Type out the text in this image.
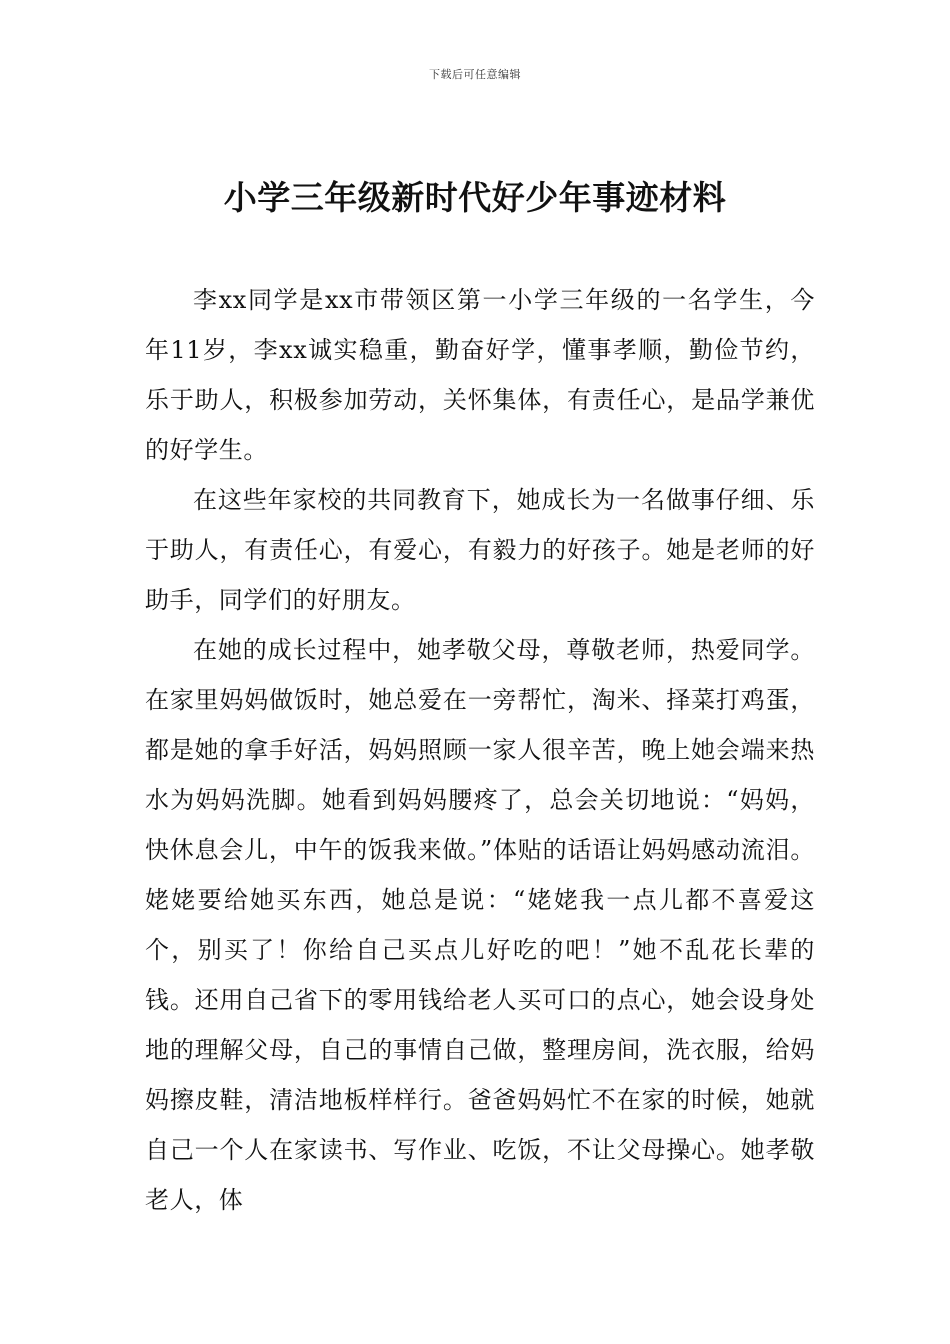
下载后可任意编辑
小学三年级新时代好少年事迹材料

李xx同学是xx市带领区第一小学三年级的一名学生，今年11岁，李xx诚实稳重，勤奋好学，懂事孝顺，勤俭节约，乐于助人，积极参加劳动，关怀集体，有责任心，是品学兼优的好学生。

在这些年家校的共同教育下，她成长为一名做事仔细、乐于助人，有责任心，有爱心，有毅力的好孩子。她是老师的好助手，同学们的好朋友。

在她的成长过程中，她孝敬父母，尊敬老师，热爱同学。在家里妈妈做饭时，她总爱在一旁帮忙，淘米、择菜打鸡蛋，都是她的拿手好活，妈妈照顾一家人很辛苦，晚上她会端来热水为妈妈洗脚。她看到妈妈腰疼了，总会关切地说：“妈妈，快休息会儿，中午的饭我来做。”体贴的话语让妈妈感动流泪。姥姥要给她买东西，她总是说：“姥姥我一点儿都不喜爱这个，别买了！你给自己买点儿好吃的吧！”她不乱花长辈的钱。还用自己省下的零用钱给老人买可口的点心，她会设身处地的理解父母，自己的事情自己做，整理房间，洗衣服，给妈妈擦皮鞋，清洁地板样样行。爸爸妈妈忙不在家的时候，她就自己一个人在家读书、写作业、吃饭，不让父母操心。她孝敬老人，体
